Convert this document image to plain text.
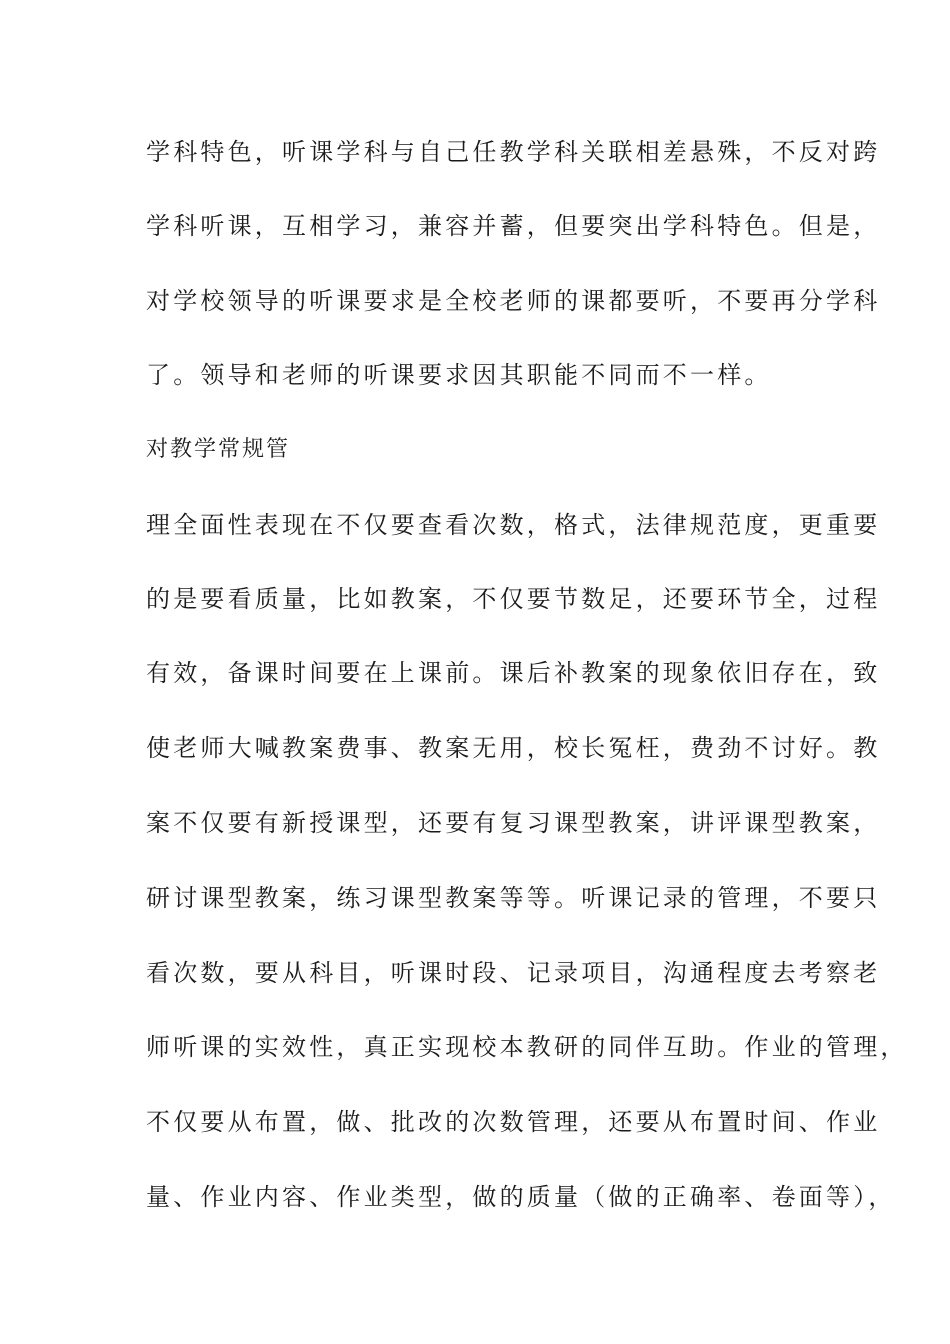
学科特色，听课学科与自己任教学科关联相差悬殊，不反对跨
学科听课，互相学习，兼容并蓄，但要突出学科特色。但是，
对学校领导的听课要求是全校老师的课都要听，不要再分学科
了。领导和老师的听课要求因其职能不同而不一样。
对教学常规管
理全面性表现在不仅要查看次数，格式，法律规范度，更重要
的是要看质量，比如教案，不仅要节数足，还要环节全，过程
有效，备课时间要在上课前。课后补教案的现象依旧存在，致
使老师大喊教案费事、教案无用，校长冤枉，费劲不讨好。教
案不仅要有新授课型，还要有复习课型教案，讲评课型教案，
研讨课型教案，练习课型教案等等。听课记录的管理，不要只
看次数，要从科目，听课时段、记录项目，沟通程度去考察老
师听课的实效性，真正实现校本教研的同伴互助。作业的管理，
不仅要从布置，做、批改的次数管理，还要从布置时间、作业
量、作业内容、作业类型，做的质量（做的正确率、卷面等），
